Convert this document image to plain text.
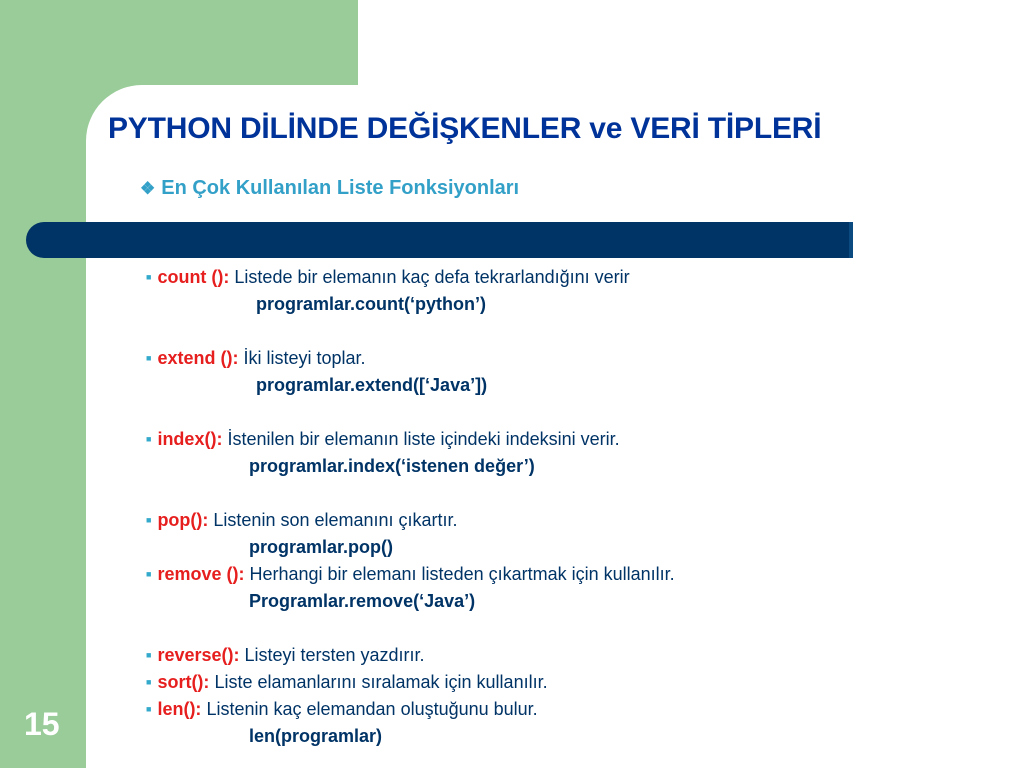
PYTHON DİLİNDE DEĞİŞKENLER ve VERİ TİPLERİ
❖ En Çok Kullanılan Liste Fonksiyonları
■ count (): Listede bir elemanın kaç defa tekrarlandığını verir
programlar.count(‘python’)
■ extend (): İki listeyi toplar.
programlar.extend([‘Java’])
■ index(): İstenilen bir elemanın liste içindeki indeksini verir.
programlar.index(‘istenen değer’)
■ pop(): Listenin son elemanını çıkartır.
programlar.pop()
■ remove (): Herhangi bir elemanı listeden çıkartmak için kullanılır.
Programlar.remove(‘Java’)
■ reverse(): Listeyi tersten yazdırır.
■ sort(): Liste elamanlarını sıralamak için kullanılır.
■ len(): Listenin kaç elemandan oluştuğunu bulur.
len(programlar)
15
